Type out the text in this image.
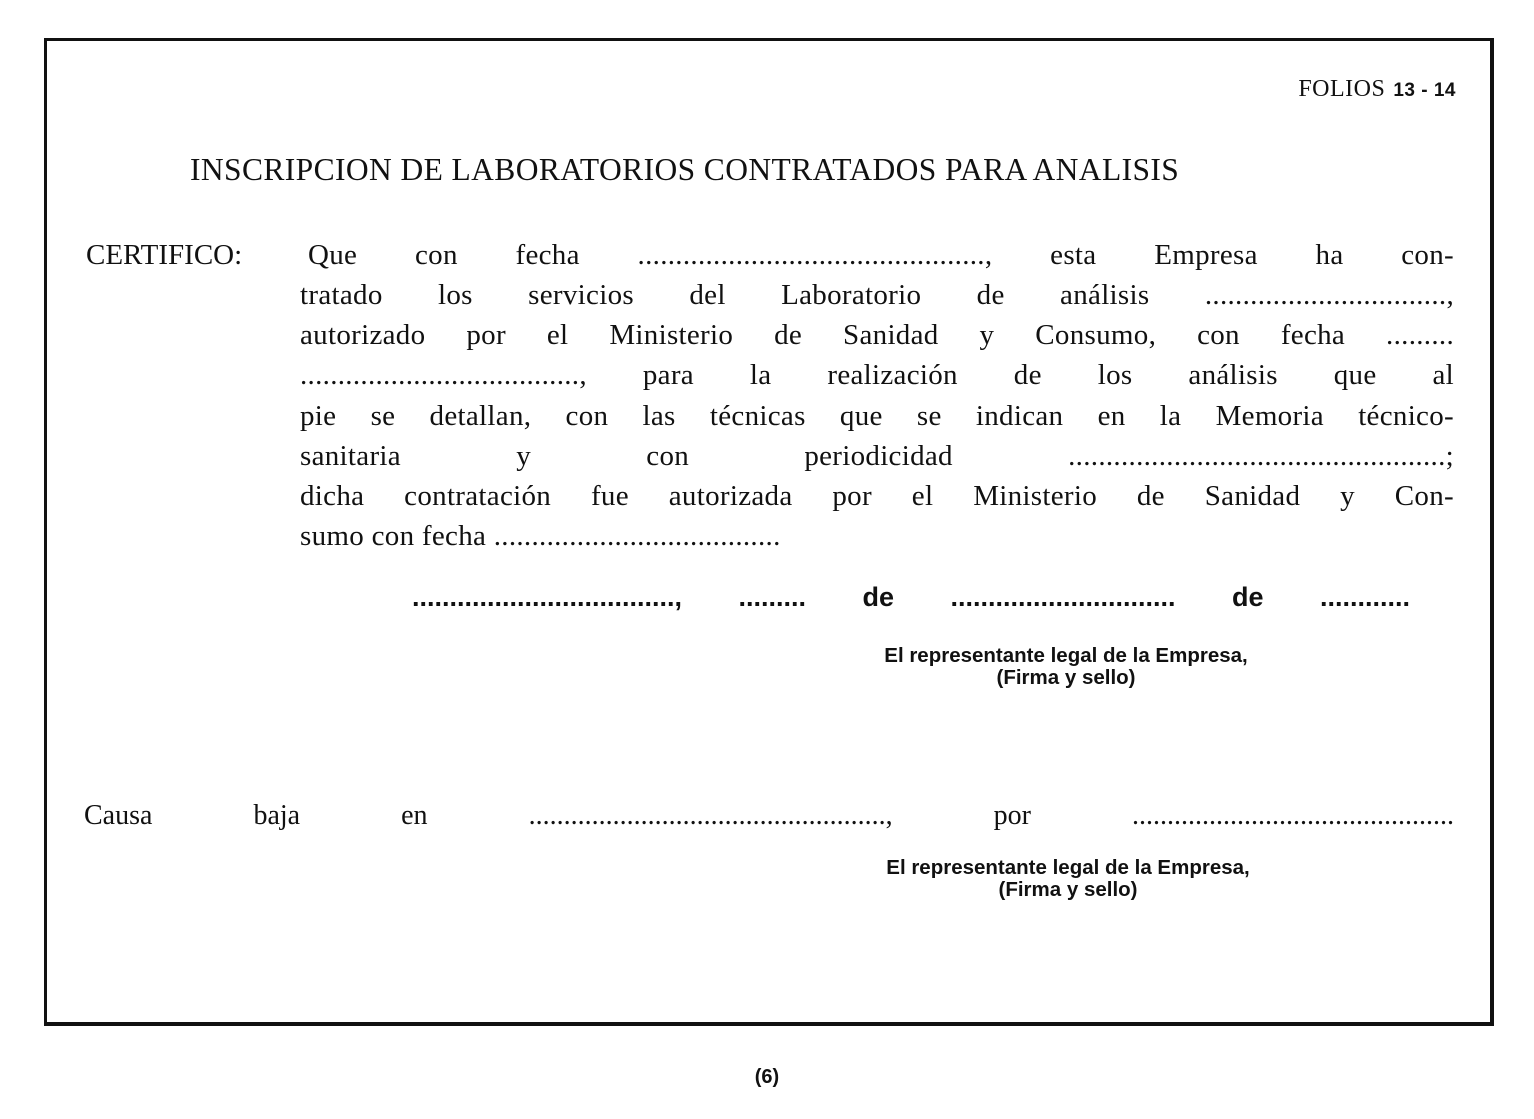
FOLIOS 13 - 14
INSCRIPCION DE LABORATORIOS CONTRATADOS PARA ANALISIS
CERTIFICO: Que con fecha .............................................., esta Empresa ha con-
tratado los servicios del Laboratorio de análisis ................................,
autorizado por el Ministerio de Sanidad y Consumo, con fecha .........
....................................., para la realización de los análisis que al
pie se detallan, con las técnicas que se indican en la Memoria técnico-
sanitaria y con periodicidad ..................................................;
dicha contratación fue autorizada por el Ministerio de Sanidad y Con-
sumo con fecha ......................................
..................................., ......... de .............................. de ............
El representante legal de la Empresa,
(Firma y sello)
Causa baja en ..................................................., por ..............................................
El representante legal de la Empresa,
(Firma y sello)
(6)
